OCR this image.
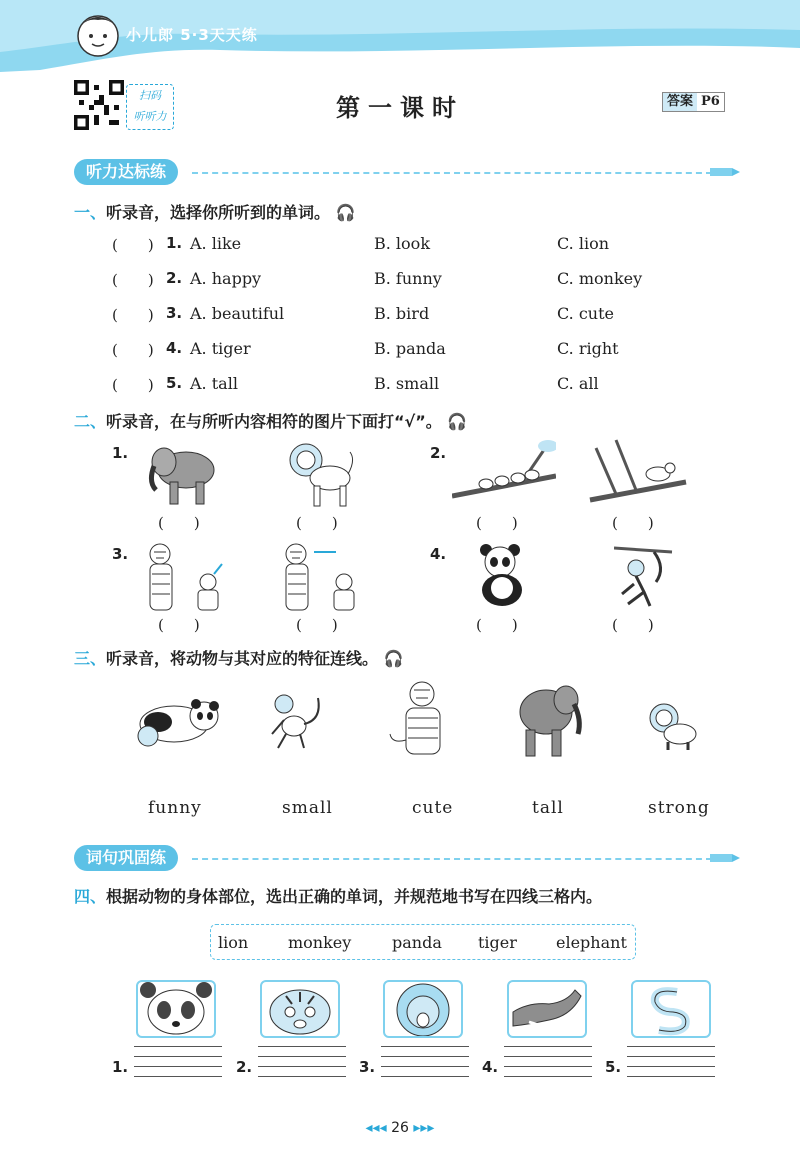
小儿郎 5·3天天练
扫码
听听力	第一课时	答案 P6
听力达标练
一、听录音，选择你所听到的单词。 🎧
(　　) 1. A. like	B. look	C. lion
(　　) 2. A. happy	B. funny	C. monkey
(　　) 3. A. beautiful	B. bird	C. cute
(　　) 4. A. tiger	B. panda	C. right
(　　) 5. A. tall	B. small	C. all
二、听录音，在与所听内容相符的图片下面打“√”。 🎧
1.
(　　)	(　　)
2.
(　　)	(　　)
3.
(　　)	(　　)
4.
(　　)	(　　)
三、听录音，将动物与其对应的特征连线。 🎧
funny	small	cute	tall	strong
词句巩固练
四、根据动物的身体部位，选出正确的单词，并规范地书写在四线三格内。
lion monkey	panda tiger elephant
1.	2.	3.	4.	5.
◂◂◂ 26 ▸▸▸
